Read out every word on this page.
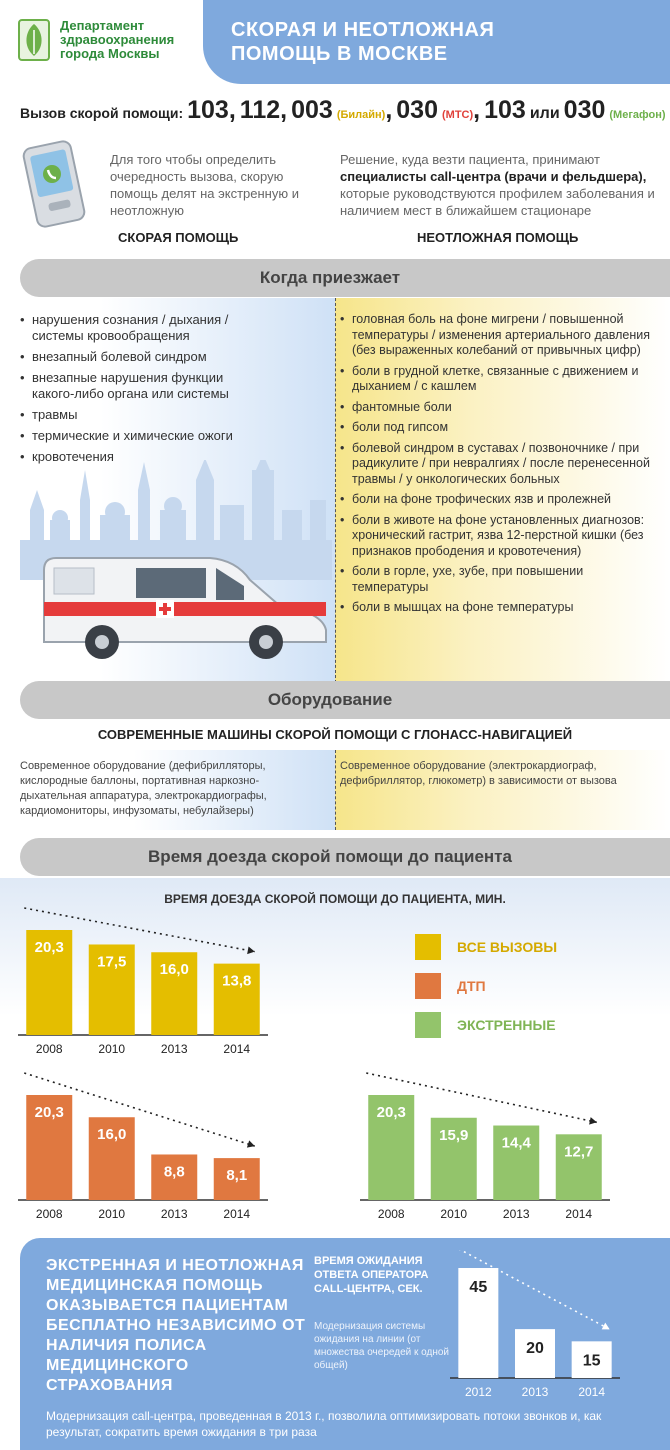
Департамент
здравоохранения
города Москвы
СКОРАЯ И НЕОТЛОЖНАЯ
ПОМОЩЬ В МОСКВЕ
Вызов скорой помощи: 103 , 112 , 003 (Билайн) , 030 (МТС) , 103 или 030 (Мегафон)
Для того чтобы определить очередность вызова, скорую помощь делят на экстренную и неотложную
Решение, куда везти пациента, принимают специалисты call-центра (врачи и фельдшера), которые руководствуются профилем заболевания и наличием мест в ближайшем стационаре
СКОРАЯ ПОМОЩЬ	НЕОТЛОЖНАЯ ПОМОЩЬ
Когда приезжает
• нарушения сознания / дыхания / системы кровообращения
• внезапный болевой синдром
• внезапные нарушения функции какого-либо органа или системы
• травмы
• термические и химические ожоги
• кровотечения
• головная боль на фоне мигрени / повышенной температуры / изменения артериального давления (без выраженных колебаний от привычных цифр)
• боли в грудной клетке, связанные с движением и дыханием / с кашлем
• фантомные боли
• боли под гипсом
• болевой синдром в суставах / позвоночнике / при радикулите / при невралгиях / после перенесенной травмы / у онкологических больных
• боли на фоне трофических язв и пролежней
• боли в животе на фоне установленных диагнозов: хронический гастрит, язва 12-перстной кишки (без признаков прободения и кровотечения)
• боли в горле, ухе, зубе, при повышении температуры
• боли в мышцах на фоне температуры
Оборудование
СОВРЕМЕННЫЕ МАШИНЫ СКОРОЙ ПОМОЩИ С ГЛОНАСС-НАВИГАЦИЕЙ
Современное оборудование (дефибрилляторы, кислородные баллоны, портативная наркозно-дыхательная аппаратура, электрокардиографы, кардиомониторы, инфузоматы, небулайзеры)
Современное оборудование (электрокардиограф, дефибриллятор, глюкометр) в зависимости от вызова
Время доезда скорой помощи до пациента
ВРЕМЯ ДОЕЗДА СКОРОЙ ПОМОЩИ ДО ПАЦИЕНТА, МИН.
20,3
2008
17,5
2010
16,0
2013
13,8
2014
20,3
2008
16,0
2010
8,8
2013
8,1
2014
20,3
2008
15,9
2010
14,4
2013
12,7
2014
ВСЕ ВЫЗОВЫ
ДТП
ЭКСТРЕННЫЕ
ЭКСТРЕННАЯ И НЕОТЛОЖНАЯ МЕДИЦИНСКАЯ ПОМОЩЬ ОКАЗЫВАЕТСЯ ПАЦИЕНТАМ БЕСПЛАТНО НЕЗАВИСИМО ОТ НАЛИЧИЯ ПОЛИСА МЕДИЦИНСКОГО СТРАХОВАНИЯ
ВРЕМЯ ОЖИДАНИЯ ОТВЕТА ОПЕРАТОРА CALL-ЦЕНТРА, СЕК.
Модернизация системы ожидания на линии (от множества очередей к одной общей)
45
2012
20
2013
15
2014
Модернизация call-центра, проведенная в 2013 г., позволила оптимизировать потоки звонков и, как результат, сократить время ожидания в три раза
